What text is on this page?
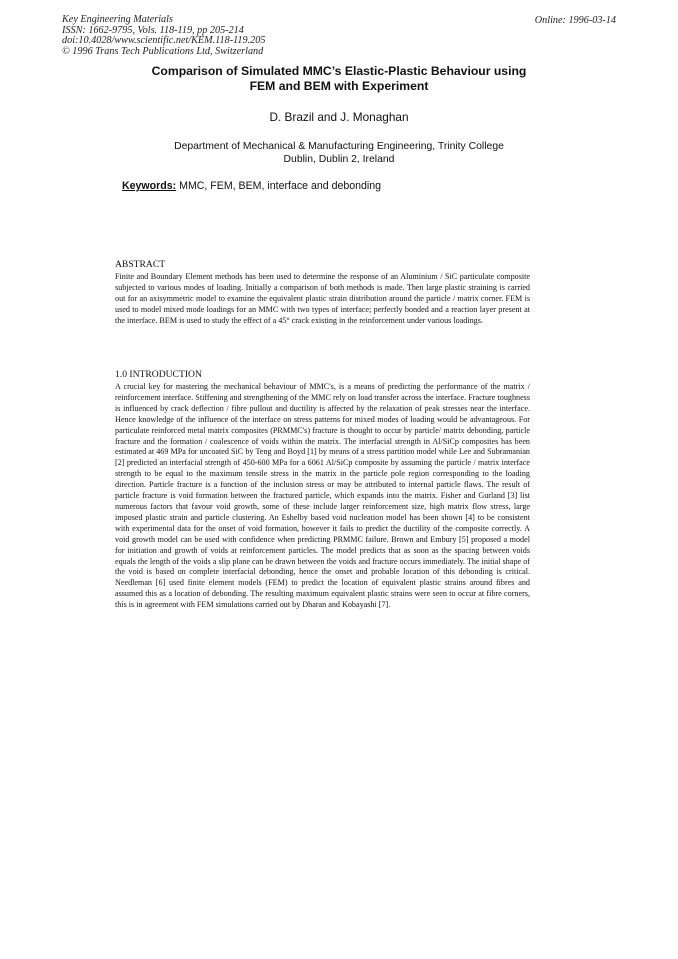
Key Engineering Materials
ISSN: 1662-9795, Vols. 118-119, pp 205-214
doi:10.4028/www.scientific.net/KEM.118-119.205
© 1996 Trans Tech Publications Ltd, Switzerland
Online: 1996-03-14
Comparison of Simulated MMC’s Elastic-Plastic Behaviour using
FEM and BEM with Experiment
D. Brazil and J. Monaghan
Department of Mechanical & Manufacturing Engineering, Trinity College
Dublin, Dublin 2, Ireland
Keywords: MMC, FEM, BEM, interface and debonding
ABSTRACT

Finite and Boundary Element methods has been used to determine the response of an Aluminium / SiC particulate composite subjected to various modes of loading. Initially a comparison of both methods is made. Then large plastic straining is carried out for an axisymmetric model to examine the equivalent plastic strain distribution around the particle / matrix corner. FEM is used to model mixed mode loadings for an MMC with two types of interface; perfectly bonded and a reaction layer present at the interface. BEM is used to study the effect of a 45° crack existing in the reinforcement under various loadings.

1.0 INTRODUCTION

A crucial key for mastering the mechanical behaviour of MMC's, is a means of predicting the performance of the matrix / reinforcement interface. Stiffening and strengthening of the MMC rely on load transfer across the interface. Fracture toughness is influenced by crack deflection / fibre pullout and ductility is affected by the relaxation of peak stresses near the interface. Hence knowledge of the influence of the interface on stress patterns for mixed modes of loading would be advantageous. For particulate reinforced metal matrix composites (PRMMC's) fracture is thought to occur by particle/ matrix debonding, particle fracture and the formation / coalescence of voids within the matrix. The interfacial strength in Al/SiCp composites has been estimated at 469 MPa for uncoated SiC by Teng and Boyd [1] by means of a stress partition model while Lee and Subramanian [2] predicted an interfacial strength of 450-600 MPa for a 6061 Al/SiCp composite by assuming the particle / matrix interface strength to be equal to the maximum tensile stress in the matrix in the particle pole region corresponding to the loading direction. Particle fracture is a function of the inclusion stress or may be attributed to internal particle flaws. The result of particle fracture is void formation between the fractured particle, which expands into the matrix. Fisher and Gurland [3] list numerous factors that favour void growth, some of these include larger reinforcement size, high matrix flow stress, large imposed plastic strain and particle clustering. An Eshelby based void nucleation model has been shown [4] to be consistent with experimental data for the onset of void formation, however it fails to predict the ductility of the composite correctly. A void growth model can be used with confidence when predicting PRMMC failure. Brown and Embury [5] proposed a model for initiation and growth of voids at reinforcement particles. The model predicts that as soon as the spacing between voids equals the length of the voids a slip plane can be drawn between the voids and fracture occurs immediately. The initial shape of the void is based on complete interfacial debonding, hence the onset and probable location of this debonding is critical. Needleman [6] used finite element models (FEM) to predict the location of equivalent plastic strains around fibres and assumed this as a location of debonding. The resulting maximum equivalent plastic strains were seen to occur at fibre corners, this is in agreement with FEM simulations carried out by Dharan and Kobayashi [7].
